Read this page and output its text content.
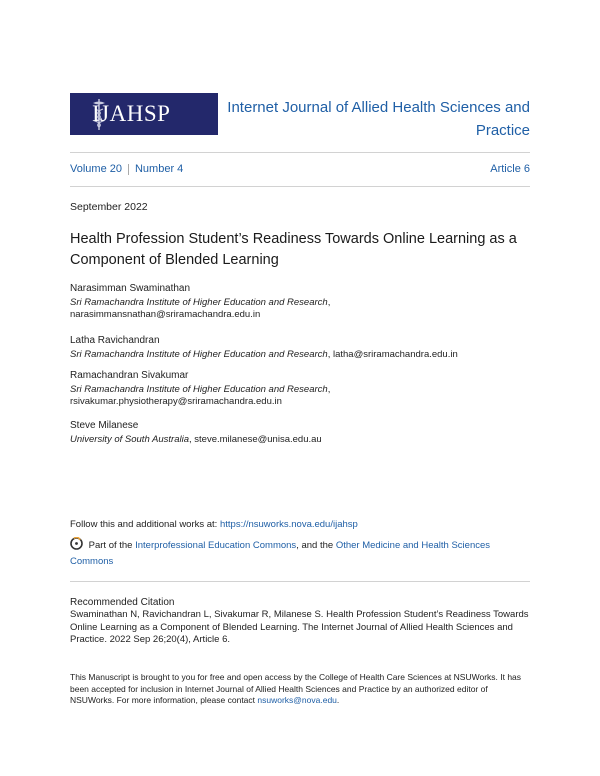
IJAHSP	Internet Journal of Allied Health Sciences and Practice
Volume 20 Number 4	Article 6
September 2022
Health Profession Student’s Readiness Towards Online Learning as a Component of Blended Learning
Narasimman Swaminathan
Sri Ramachandra Institute of Higher Education and Research,
narasimmansnathan@sriramachandra.edu.in
Latha Ravichandran
Sri Ramachandra Institute of Higher Education and Research, latha@sriramachandra.edu.in
Ramachandran Sivakumar
Sri Ramachandra Institute of Higher Education and Research,
rsivakumar.physiotherapy@sriramachandra.edu.in
Steve Milanese
University of South Australia, steve.milanese@unisa.edu.au
Follow this and additional works at: https://nsuworks.nova.edu/ijahsp
Part of the Interprofessional Education Commons, and the Other Medicine and Health Sciences Commons
Recommended Citation
Swaminathan N, Ravichandran L, Sivakumar R, Milanese S. Health Profession Student’s Readiness Towards Online Learning as a Component of Blended Learning. The Internet Journal of Allied Health Sciences and Practice. 2022 Sep 26;20(4), Article 6.
This Manuscript is brought to you for free and open access by the College of Health Care Sciences at NSUWorks. It has been accepted for inclusion in Internet Journal of Allied Health Sciences and Practice by an authorized editor of NSUWorks. For more information, please contact nsuworks@nova.edu.
